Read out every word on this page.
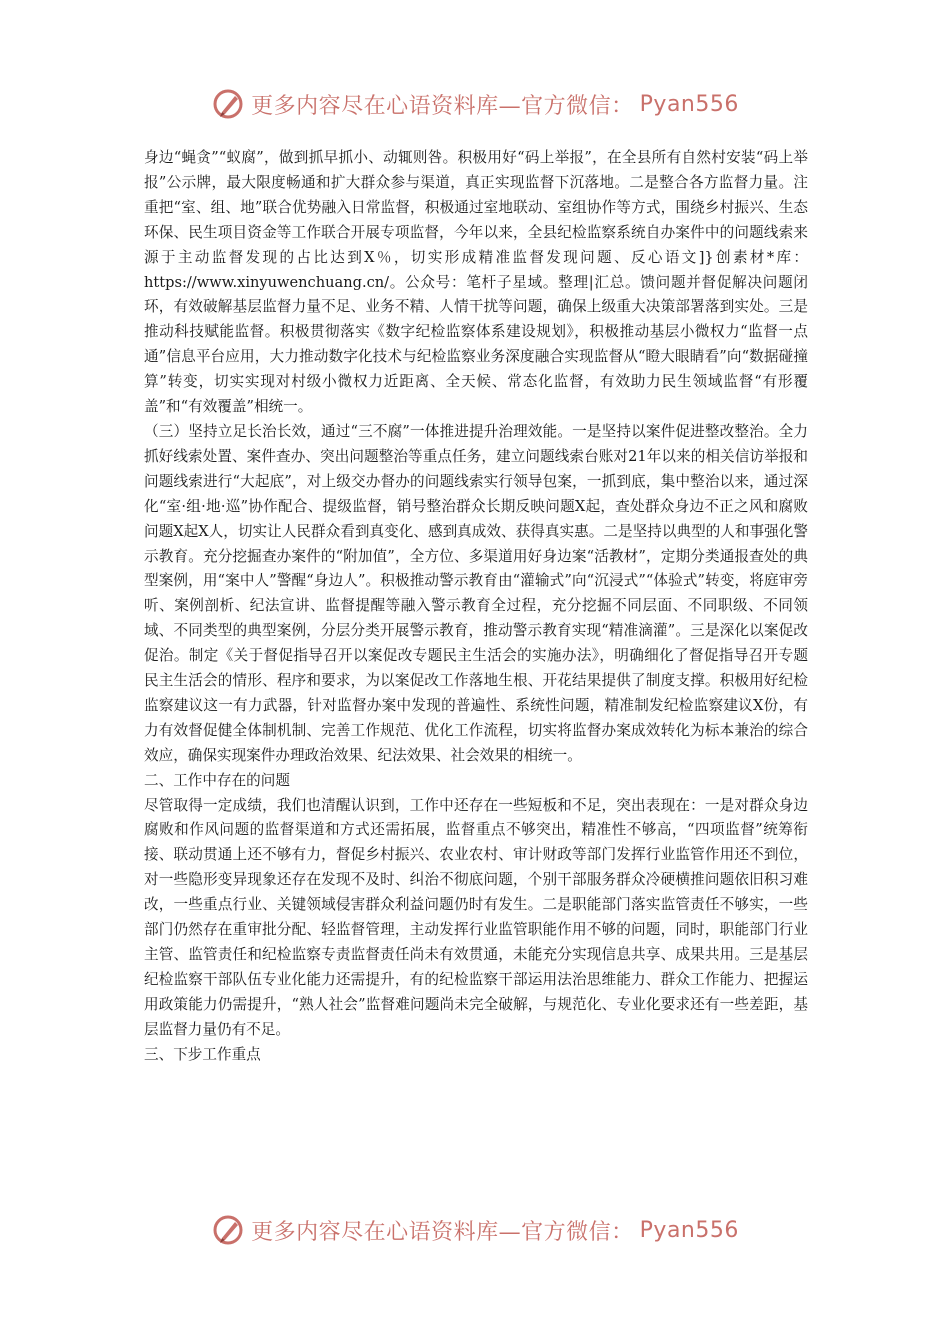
更多内容尽在心语资料库—官方微信： Pyan556

身边“蝇贪”“蚁腐”，做到抓早抓小、动辄则咎。积极用好“码上举报”，在全县所有自然村安装“码上举报”公示牌，最大限度畅通和扩大群众参与渠道，真正实现监督下沉落地。二是整合各方监督力量。注重把“室、组、地”联合优势融入日常监督，积极通过室地联动、室组协作等方式，围绕乡村振兴、生态环保、民生项目资金等工作联合开展专项监督，今年以来，全县纪检监察系统自办案件中的问题线索来源于主动监督发现的占比达到X％，切实形成精准监督发现问题、反心语文]}创素材*库：https://www.xinyuwenchuang.cn/。公众号：笔杆子星域。整理|汇总。馈问题并督促解决问题闭环，有效破解基层监督力量不足、业务不精、人情干扰等问题，确保上级重大决策部署落到实处。三是推动科技赋能监督。积极贯彻落实《数字纪检监察体系建设规划》，积极推动基层小微权力“监督一点通”信息平台应用，大力推动数字化技术与纪检监察业务深度融合实现监督从“瞪大眼睛看”向“数据碰撞算”转变，切实实现对村级小微权力近距离、全天候、常态化监督，有效助力民生领域监督“有形覆盖”和“有效覆盖”相统一。

（三）坚持立足长治长效，通过“三不腐”一体推进提升治理效能。一是坚持以案件促进整改整治。全力抓好线索处置、案件查办、突出问题整治等重点任务，建立问题线索台账对21年以来的相关信访举报和问题线索进行“大起底”，对上级交办督办的问题线索实行领导包案，一抓到底，集中整治以来，通过深化“室·组·地·巡”协作配合、提级监督，销号整治群众长期反映问题X起，查处群众身边不正之风和腐败问题X起X人，切实让人民群众看到真变化、感到真成效、获得真实惠。二是坚持以典型的人和事强化警示教育。充分挖掘查办案件的“附加值”，全方位、多渠道用好身边案“活教材”，定期分类通报查处的典型案例，用“案中人”警醒“身边人”。积极推动警示教育由“灌输式”向“沉浸式”“体验式”转变，将庭审旁听、案例剖析、纪法宣讲、监督提醒等融入警示教育全过程，充分挖掘不同层面、不同职级、不同领域、不同类型的典型案例，分层分类开展警示教育，推动警示教育实现“精准滴灌”。三是深化以案促改促治。制定《关于督促指导召开以案促改专题民主生活会的实施办法》，明确细化了督促指导召开专题民主生活会的情形、程序和要求，为以案促改工作落地生根、开花结果提供了制度支撑。积极用好纪检监察建议这一有力武器，针对监督办案中发现的普遍性、系统性问题，精准制发纪检监察建议X份，有力有效督促健全体制机制、完善工作规范、优化工作流程，切实将监督办案成效转化为标本兼治的综合效应，确保实现案件办理政治效果、纪法效果、社会效果的相统一。

二、工作中存在的问题

尽管取得一定成绩，我们也清醒认识到，工作中还存在一些短板和不足，突出表现在：一是对群众身边腐败和作风问题的监督渠道和方式还需拓展，监督重点不够突出，精准性不够高，“四项监督”统筹衔接、联动贯通上还不够有力，督促乡村振兴、农业农村、审计财政等部门发挥行业监管作用还不到位，对一些隐形变异现象还存在发现不及时、纠治不彻底问题，个别干部服务群众冷硬横推问题依旧积习难改，一些重点行业、关键领域侵害群众利益问题仍时有发生。二是职能部门落实监管责任不够实，一些部门仍然存在重审批分配、轻监督管理，主动发挥行业监管职能作用不够的问题，同时，职能部门行业主管、监管责任和纪检监察专责监督责任尚未有效贯通，未能充分实现信息共享、成果共用。三是基层纪检监察干部队伍专业化能力还需提升，有的纪检监察干部运用法治思维能力、群众工作能力、把握运用政策能力仍需提升，“熟人社会”监督难问题尚未完全破解，与规范化、专业化要求还有一些差距，基层监督力量仍有不足。

三、下步工作重点

更多内容尽在心语资料库—官方微信： Pyan556
